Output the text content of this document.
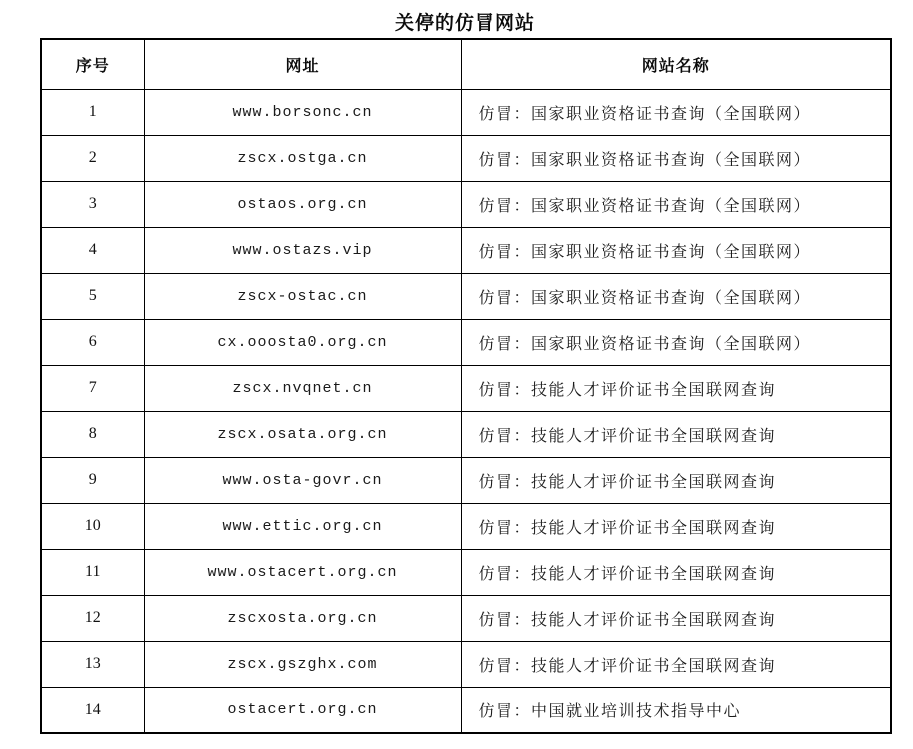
关停的仿冒网站
序号	网址	网站名称
1	www.borsonc.cn	仿冒：国家职业资格证书查询（全国联网）
2	zscx.ostga.cn	仿冒：国家职业资格证书查询（全国联网）
3	ostaos.org.cn	仿冒：国家职业资格证书查询（全国联网）
4	www.ostazs.vip	仿冒：国家职业资格证书查询（全国联网）
5	zscx-ostac.cn	仿冒：国家职业资格证书查询（全国联网）
6	cx.ooosta0.org.cn	仿冒：国家职业资格证书查询（全国联网）
7	zscx.nvqnet.cn	仿冒：技能人才评价证书全国联网查询
8	zscx.osata.org.cn	仿冒：技能人才评价证书全国联网查询
9	www.osta-govr.cn	仿冒：技能人才评价证书全国联网查询
10	www.ettic.org.cn	仿冒：技能人才评价证书全国联网查询
11	www.ostacert.org.cn	仿冒：技能人才评价证书全国联网查询
12	zscxosta.org.cn	仿冒：技能人才评价证书全国联网查询
13	zscx.gszghx.com	仿冒：技能人才评价证书全国联网查询
14	ostacert.org.cn	仿冒：中国就业培训技术指导中心
